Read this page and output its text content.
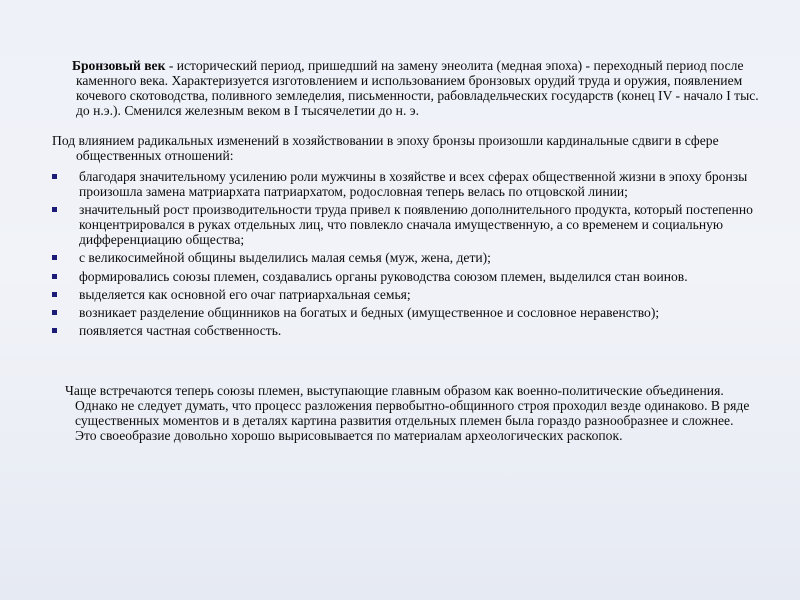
Бронзовый век - исторический период, пришедший на замену энеолита (медная эпоха) - переходный период после каменного века. Характеризуется изготовлением и использованием бронзовых орудий труда и оружия, появлением кочевого скотоводства, поливного земледелия, письменности, рабовладельческих государств (конец IV - начало I тыс. до н.э.). Сменился железным веком в I тысячелетии до н. э.

Под влиянием радикальных изменений в хозяйствовании в эпоху бронзы произошли кардинальные сдвиги в сфере общественных отношений:

благодаря значительному усилению роли мужчины в хозяйстве и всех сферах общественной жизни в эпоху бронзы произошла замена матриархата патриархатом, родословная теперь велась по отцовской линии;
значительный рост производительности труда привел к появлению дополнительного продукта, который постепенно концентрировался в руках отдельных лиц, что повлекло сначала имущественную, а со временем и социальную дифференциацию общества;
с великосимейной общины выделились малая семья (муж, жена, дети);
формировались союзы племен, создавались органы руководства союзом племен, выделился стан воинов.
выделяется как основной его очаг патриархальная семья;
возникает разделение общинников на богатых и бедных (имущественное и сословное неравенство);
появляется частная собственность.

Чаще встречаются теперь союзы племен, выступающие главным образом как военно-политические объединения. Однако не следует думать, что процесс разложения первобытно-общинного строя проходил везде одинаково. В ряде существенных моментов и в деталях картина развития отдельных племен была гораздо разнообразнее и сложнее. Это своеобразие довольно хорошо вырисовывается по материалам археологических раскопок.
